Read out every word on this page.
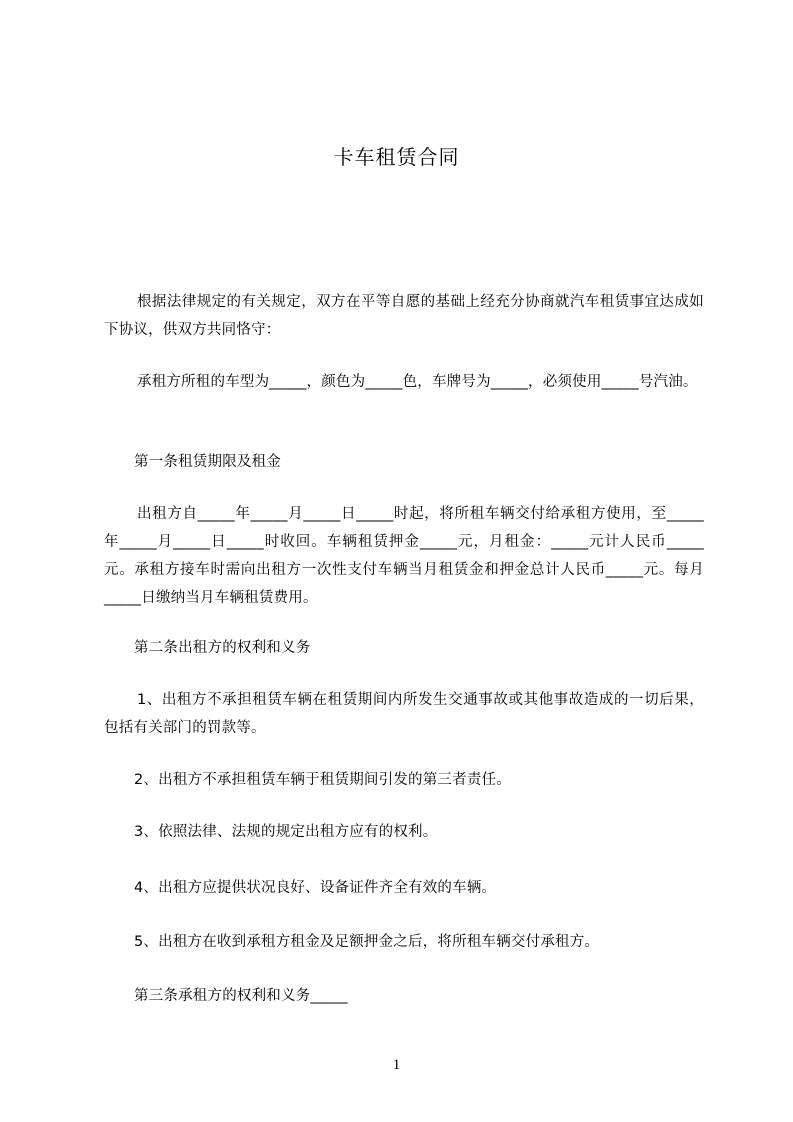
卡车租赁合同

根据法律规定的有关规定，双方在平等自愿的基础上经充分协商就汽车租赁事宜达成如下协议，供双方共同恪守：

承租方所租的车型为_____，颜色为_____色，车牌号为_____，必须使用_____号汽油。

第一条租赁期限及租金

出租方自_____年_____月_____日_____时起，将所租车辆交付给承租方使用，至_____年_____月_____日_____时收回。车辆租赁押金_____元，月租金：_____元计人民币_____元。承租方接车时需向出租方一次性支付车辆当月租赁金和押金总计人民币_____元。每月_____日缴纳当月车辆租赁费用。

第二条出租方的权利和义务

1、出租方不承担租赁车辆在租赁期间内所发生交通事故或其他事故造成的一切后果，包括有关部门的罚款等。

2、出租方不承担租赁车辆于租赁期间引发的第三者责任。

3、依照法律、法规的规定出租方应有的权利。

4、出租方应提供状况良好、设备证件齐全有效的车辆。

5、出租方在收到承租方租金及足额押金之后，将所租车辆交付承租方。

第三条承租方的权利和义务_____

1
